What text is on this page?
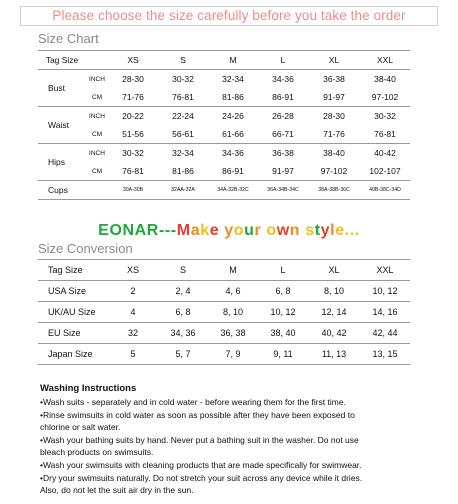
Please choose the size carefully before you take the order
Size Chart
Tag Size		XS	S	M	L	XL	XXL
Bust	INCH	28-30	30-32	32-34	34-36	36-38	38-40
	CM	71-76	76-81	81-86	86-91	91-97	97-102
Waist	INCH	20-22	22-24	24-26	26-28	28-30	30-32
	CM	51-56	56-61	61-66	66-71	71-76	76-81
Hips	INCH	30-32	32-34	34-36	36-38	38-40	40-42
	CM	76-81	81-86	86-91	91-97	97-102	102-107
Cups		30A-30B	32AA-32A	34A-32B-32C	36A-34B-34C	38A-38B-36C	40B-38C-34D
EONAR---Make your own style...
Size Conversion
Tag Size	XS	S	M	L	XL	XXL
USA Size	2	2, 4	4, 6	6, 8	8, 10	10, 12
UK/AU Size	4	6, 8	8, 10	10, 12	12, 14	14, 16
EU Size	32	34, 36	36, 38	38, 40	40, 42	42, 44
Japan Size	5	5, 7	7, 9	9, 11	11, 13	13, 15
Washing Instructions
•Wash suits - separately and in cold water - before wearing them for the first time.
•Rinse swimsuits in cold water as soon as possible after they have been exposed to
chlorine or salt water.
•Wash your bathing suits by hand. Never put a bathing suit in the washer. Do not use
bleach products on swimsuits.
•Wash your swimsuits with cleaning products that are made specifically for swimwear.
•Dry your swimsuits naturally. Do not stretch your suit across any device while it dries.
Also, do not let the suit air dry in the sun.
